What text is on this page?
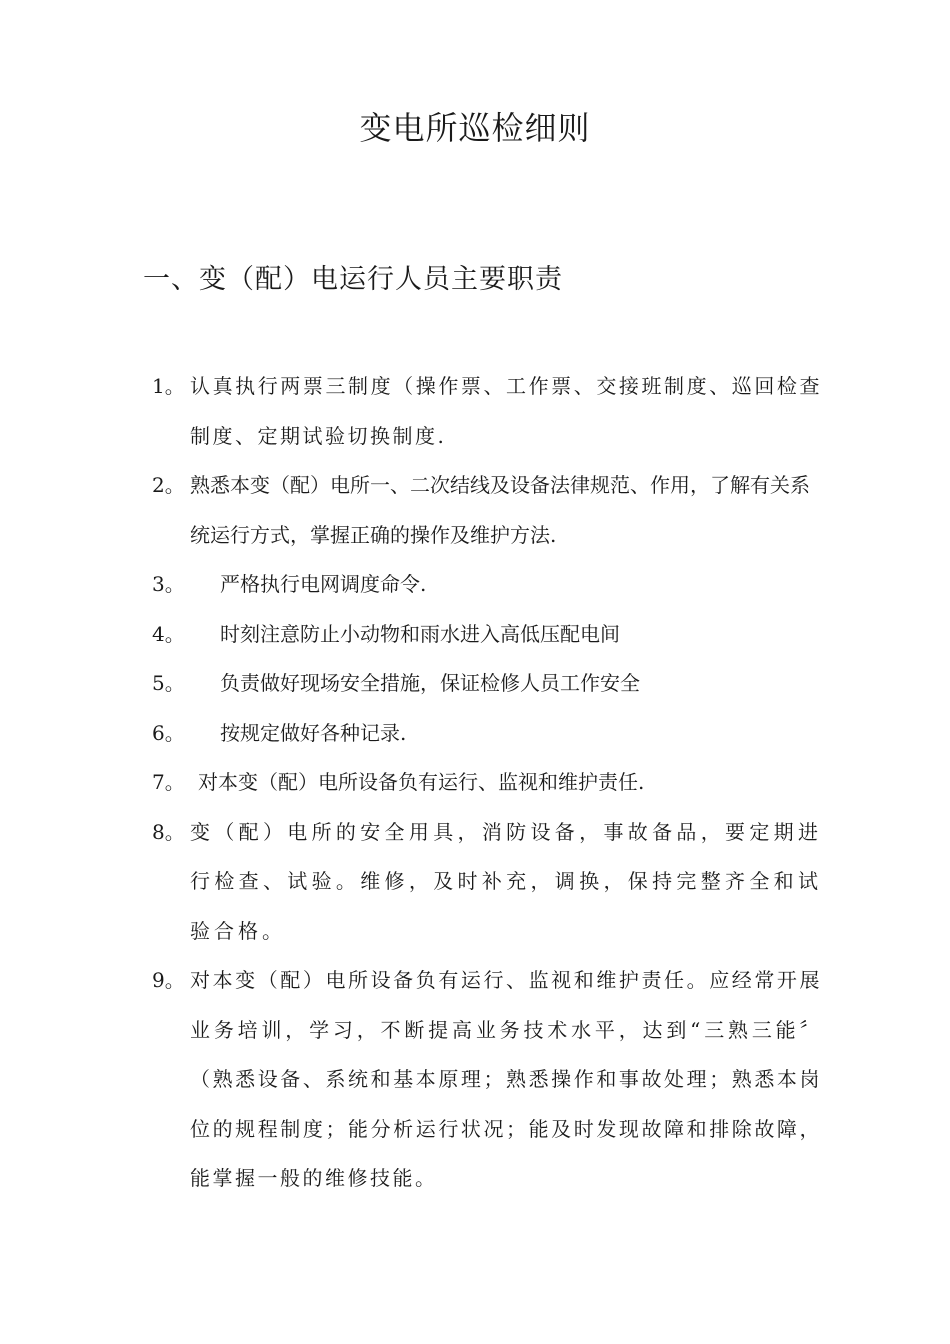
变电所巡检细则
一、变（配）电运行人员主要职责
1。 认真执行两票三制度（操作票、工作票、交接班制度、巡回检查制度、定期试验切换制度.
2。 熟悉本变（配）电所一、二次结线及设备法律规范、作用，了解有关系统运行方式，掌握正确的操作及维护方法.
3。	严格执行电网调度命令.
4。	时刻注意防止小动物和雨水进入高低压配电间
5。	负责做好现场安全措施，保证检修人员工作安全
6。	按规定做好各种记录.
7。 对本变（配）电所设备负有运行、监视和维护责任.
8。 变（配）电所的安全用具，消防设备，事故备品，要定期进行检查、试验。维修，及时补充，调换，保持完整齐全和试验合格。
9。 对本变（配）电所设备负有运行、监视和维护责任。应经常开展业务培训，学习，不断提高业务技术水平，达到“三熟三能〞（熟悉设备、系统和基本原理；熟悉操作和事故处理；熟悉本岗位的规程制度；能分析运行状况；能及时发现故障和排除故障，能掌握一般的维修技能。
